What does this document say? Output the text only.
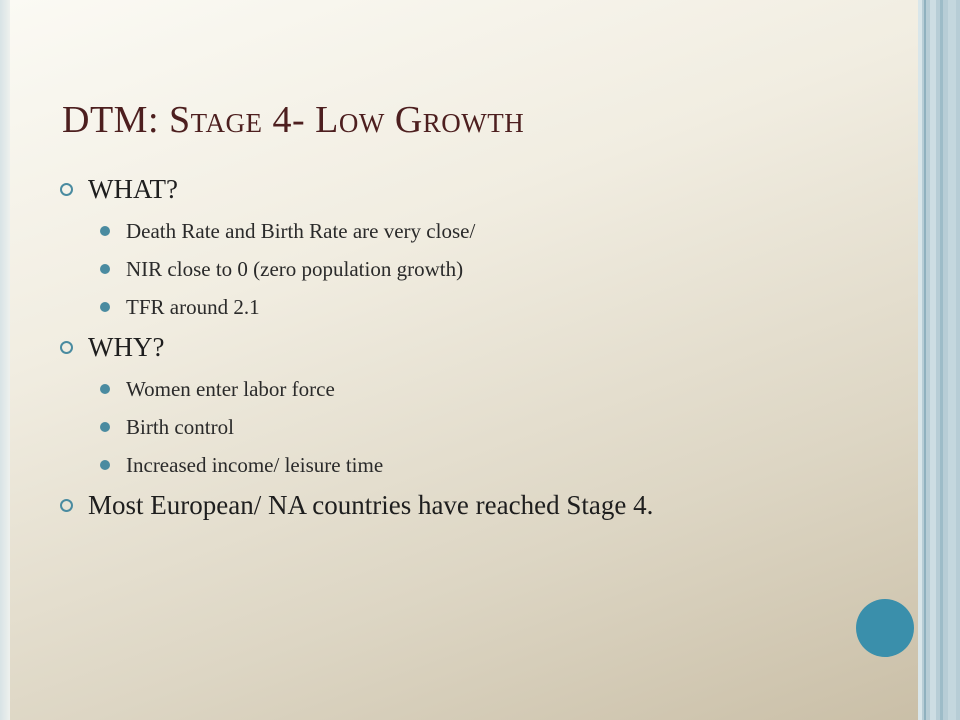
DTM: STAGE 4- LOW GROWTH
WHAT?
Death Rate and Birth Rate are very close/
NIR close to 0 (zero population growth)
TFR around 2.1
WHY?
Women enter labor force
Birth control
Increased income/ leisure time
Most European/ NA countries have reached Stage 4.
